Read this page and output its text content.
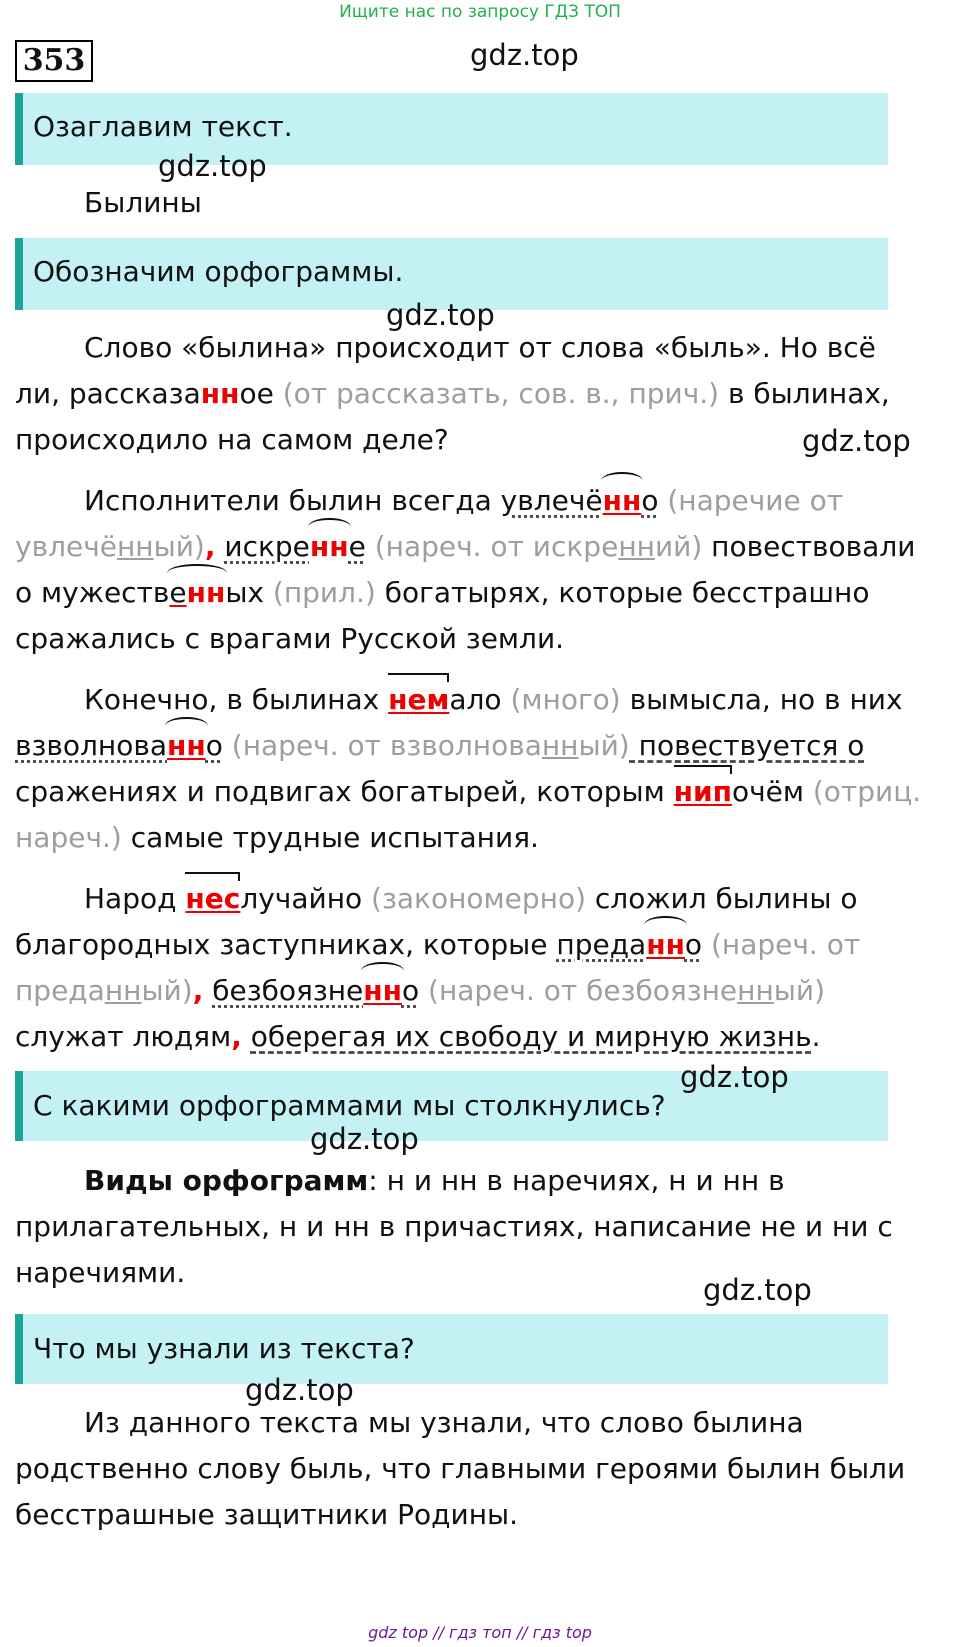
Ищите нас по запросу ГДЗ ТОП
353	gdz.top
Озаглавим текст.
gdz.top
Былины
Обозначим орфограммы.
gdz.top
Слово «былина» происходит от слова «быль». Но всё
ли, рассказанное (от рассказать, сов. в., прич.) в былинах,
происходило на самом деле?	gdz.top
Исполнители былин всегда увлечённо (наречие от
увлечённый), искренне (нареч. от искренний) повествовали
о мужественных (прил.) богатырях, которые бесстрашно
сражались с врагами Русской земли.
Конечно, в былинах немало (много) вымысла, но в них
взволнованно (нареч. от взволнованный) повествуется о
сражениях и подвигах богатырей, которым нипочём (отриц.
нареч.) самые трудные испытания.
Народ неслучайно (закономерно) сложил былины о
благородных заступниках, которые преданно (нареч. от
преданный), безбоязненно (нареч. от безбоязненный)
служат людям, оберегая их свободу и мирную жизнь.
С какими орфограммами мы столкнулись?
gdz.top
gdz.top
Виды орфограмм: н и нн в наречиях, н и нн в
прилагательных, н и нн в причастиях, написание не и ни с
наречиями.
gdz.top
Что мы узнали из текста?
gdz.top
Из данного текста мы узнали, что слово былина
родственно слову быль, что главными героями былин были
бесстрашные защитники Родины.
gdz top // гдз топ // гдз top
